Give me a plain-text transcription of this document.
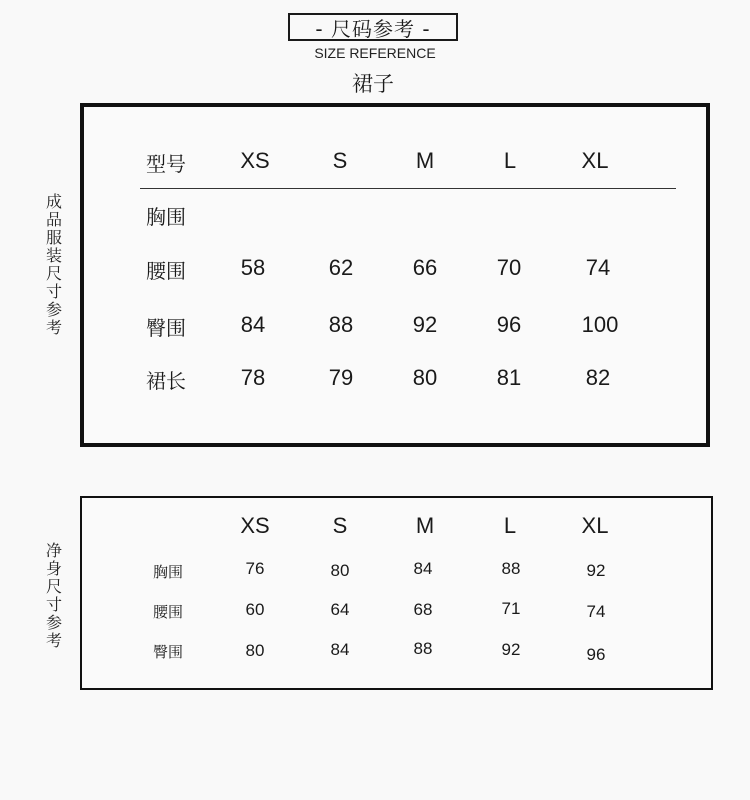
- 尺码参考 -
SIZE REFERENCE
裙子
成品服装尺寸参考
型号 XS	S	M	L	XL
胸围
腰围 58	62	66	70	74
臀围 84	88	92	96	100
裙长 78	79	80	81	82
净身尺寸参考
XS	S	M	L	XL
胸围	76	80	84	88	92
腰围	60	64	68	71	74
臀围	80	84	88	92	96
